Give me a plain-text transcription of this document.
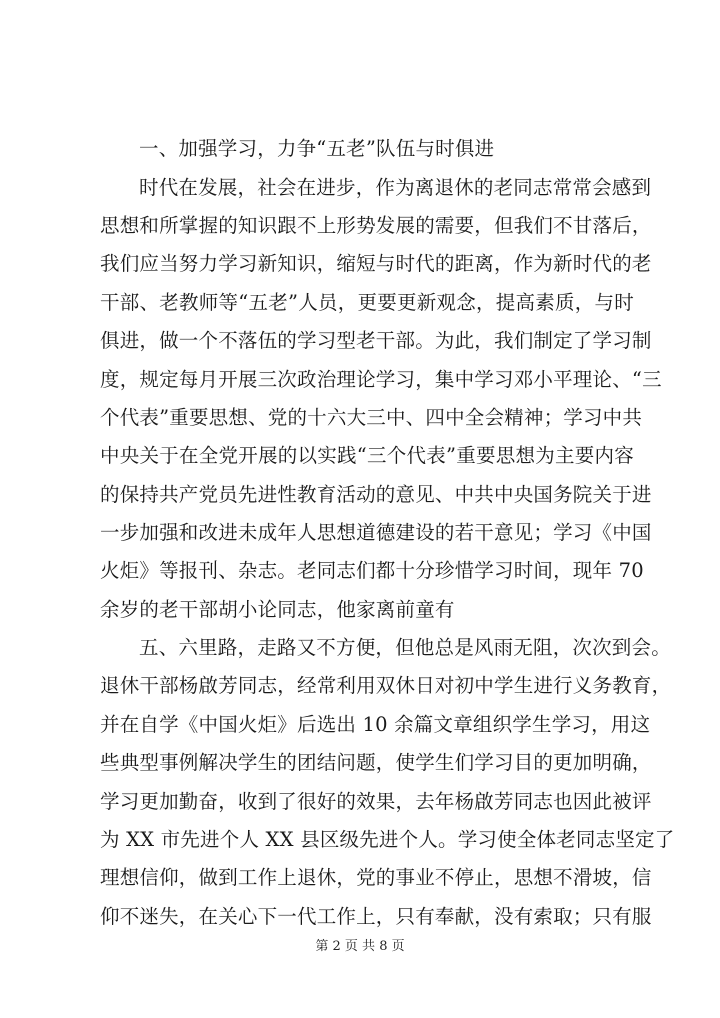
一、加强学习，力争“五老”队伍与时俱进
时代在发展，社会在进步，作为离退休的老同志常常会感到
思想和所掌握的知识跟不上形势发展的需要，但我们不甘落后，
我们应当努力学习新知识，缩短与时代的距离，作为新时代的老
干部、老教师等“五老”人员，更要更新观念，提高素质，与时
俱进，做一个不落伍的学习型老干部。为此，我们制定了学习制
度，规定每月开展三次政治理论学习，集中学习邓小平理论、“三
个代表”重要思想、党的十六大三中、四中全会精神；学习中共
中央关于在全党开展的以实践“三个代表”重要思想为主要内容
的保持共产党员先进性教育活动的意见、中共中央国务院关于进
一步加强和改进未成年人思想道德建设的若干意见；学习《中国
火炬》等报刊、杂志。老同志们都十分珍惜学习时间，现年 70
余岁的老干部胡小论同志，他家离前童有
五、六里路，走路又不方便，但他总是风雨无阻，次次到会。
退休干部杨啟芳同志，经常利用双休日对初中学生进行义务教育，
并在自学《中国火炬》后选出 10 余篇文章组织学生学习，用这
些典型事例解决学生的团结问题，使学生们学习目的更加明确，
学习更加勤奋，收到了很好的效果，去年杨啟芳同志也因此被评
为 XX 市先进个人 XX 县区级先进个人。学习使全体老同志坚定了
理想信仰，做到工作上退休，党的事业不停止，思想不滑坡，信
仰不迷失，在关心下一代工作上，只有奉献，没有索取；只有服
第 2 页 共 8 页
